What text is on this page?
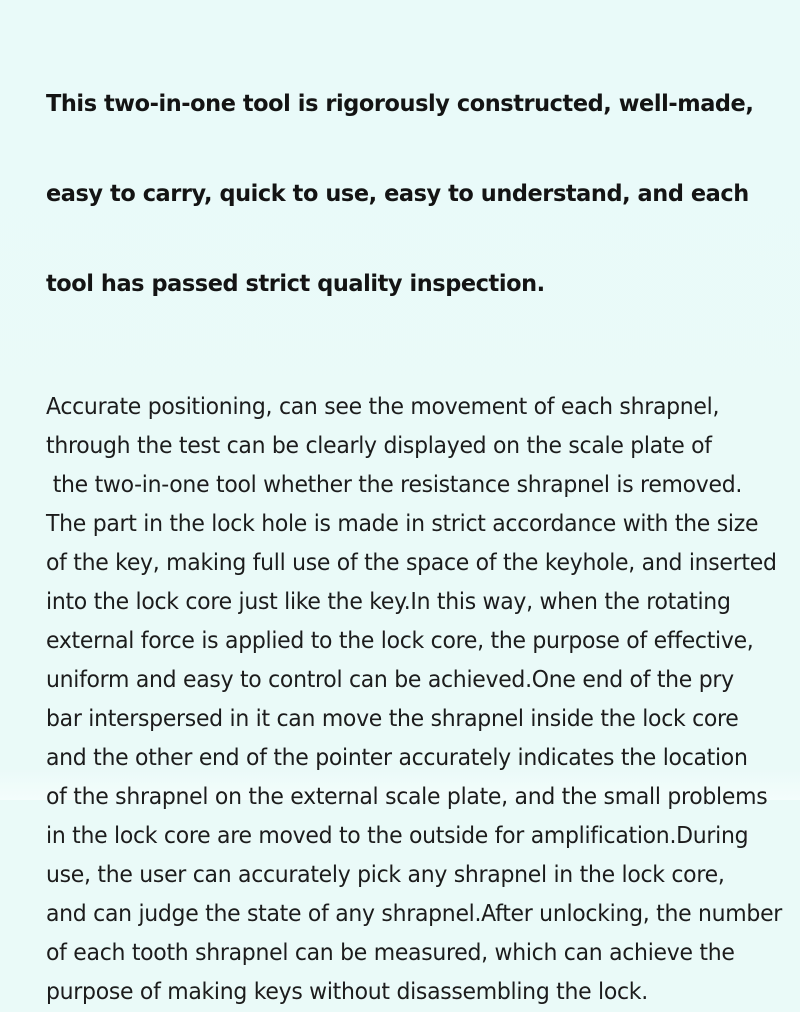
This two-in-one tool is rigorously constructed, well-made,

easy to carry, quick to use, easy to understand, and each

tool has passed strict quality inspection.

Accurate positioning, can see the movement of each shrapnel,
through the test can be clearly displayed on the scale plate of
the two-in-one tool whether the resistance shrapnel is removed.
The part in the lock hole is made in strict accordance with the size
of the key, making full use of the space of the keyhole, and inserted
into the lock core just like the key.In this way, when the rotating
external force is applied to the lock core, the purpose of effective,
uniform and easy to control can be achieved.One end of the pry
bar interspersed in it can move the shrapnel inside the lock core
and the other end of the pointer accurately indicates the location
of the shrapnel on the external scale plate, and the small problems
in the lock core are moved to the outside for amplification.During
use, the user can accurately pick any shrapnel in the lock core,
and can judge the state of any shrapnel.After unlocking, the number
of each tooth shrapnel can be measured, which can achieve the
purpose of making keys without disassembling the lock.
